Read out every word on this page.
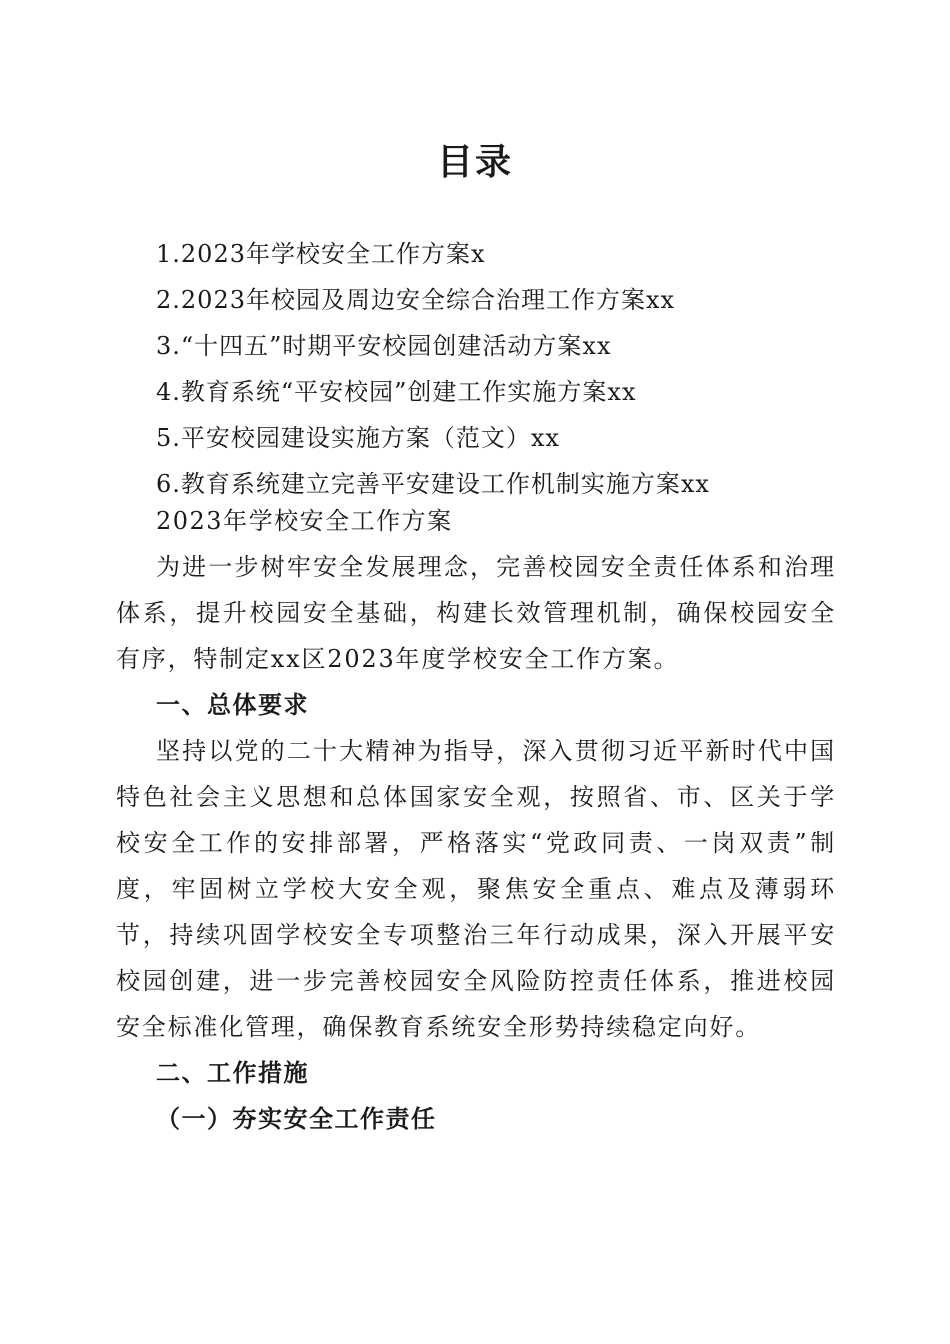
目录
1.2023年学校安全工作方案x
2.2023年校园及周边安全综合治理工作方案xx
3.“十四五”时期平安校园创建活动方案xx
4.教育系统“平安校园”创建工作实施方案xx
5.平安校园建设实施方案（范文）xx
6.教育系统建立完善平安建设工作机制实施方案xx
2023年学校安全工作方案

为进一步树牢安全发展理念，完善校园安全责任体系和治理体系，提升校园安全基础，构建长效管理机制，确保校园安全有序，特制定xx区2023年度学校安全工作方案。

一、总体要求

坚持以党的二十大精神为指导，深入贯彻习近平新时代中国特色社会主义思想和总体国家安全观，按照省、市、区关于学校安全工作的安排部署，严格落实“党政同责、一岗双责”制度，牢固树立学校大安全观，聚焦安全重点、难点及薄弱环节，持续巩固学校安全专项整治三年行动成果，深入开展平安校园创建，进一步完善校园安全风险防控责任体系，推进校园安全标准化管理，确保教育系统安全形势持续稳定向好。

二、工作措施
（一）夯实安全工作责任
